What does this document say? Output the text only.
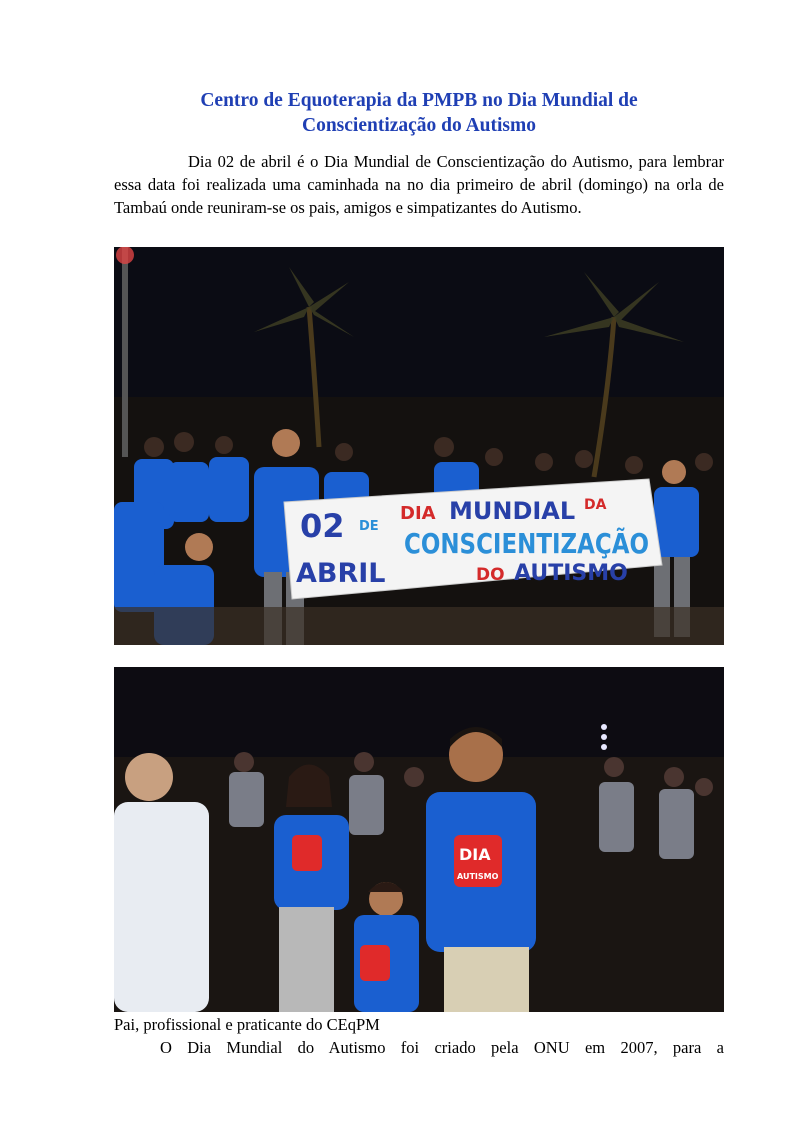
Centro de Equoterapia da PMPB no Dia Mundial de
Conscientização do Autismo

Dia 02 de abril é o Dia Mundial de Conscientização do Autismo, para lembrar essa data foi realizada uma caminhada na no dia primeiro de abril (domingo) na orla de Tambaú onde reuniram-se os pais, amigos e simpatizantes do Autismo.

02 DE
ABRIL
DIA MUNDIAL DA
CONSCIENTIZAÇÃO
DO AUTISMO
DIA
AUTISMO

Pai, profissional e praticante do CEqPM

O Dia Mundial do Autismo foi criado pela ONU em 2007, para a
